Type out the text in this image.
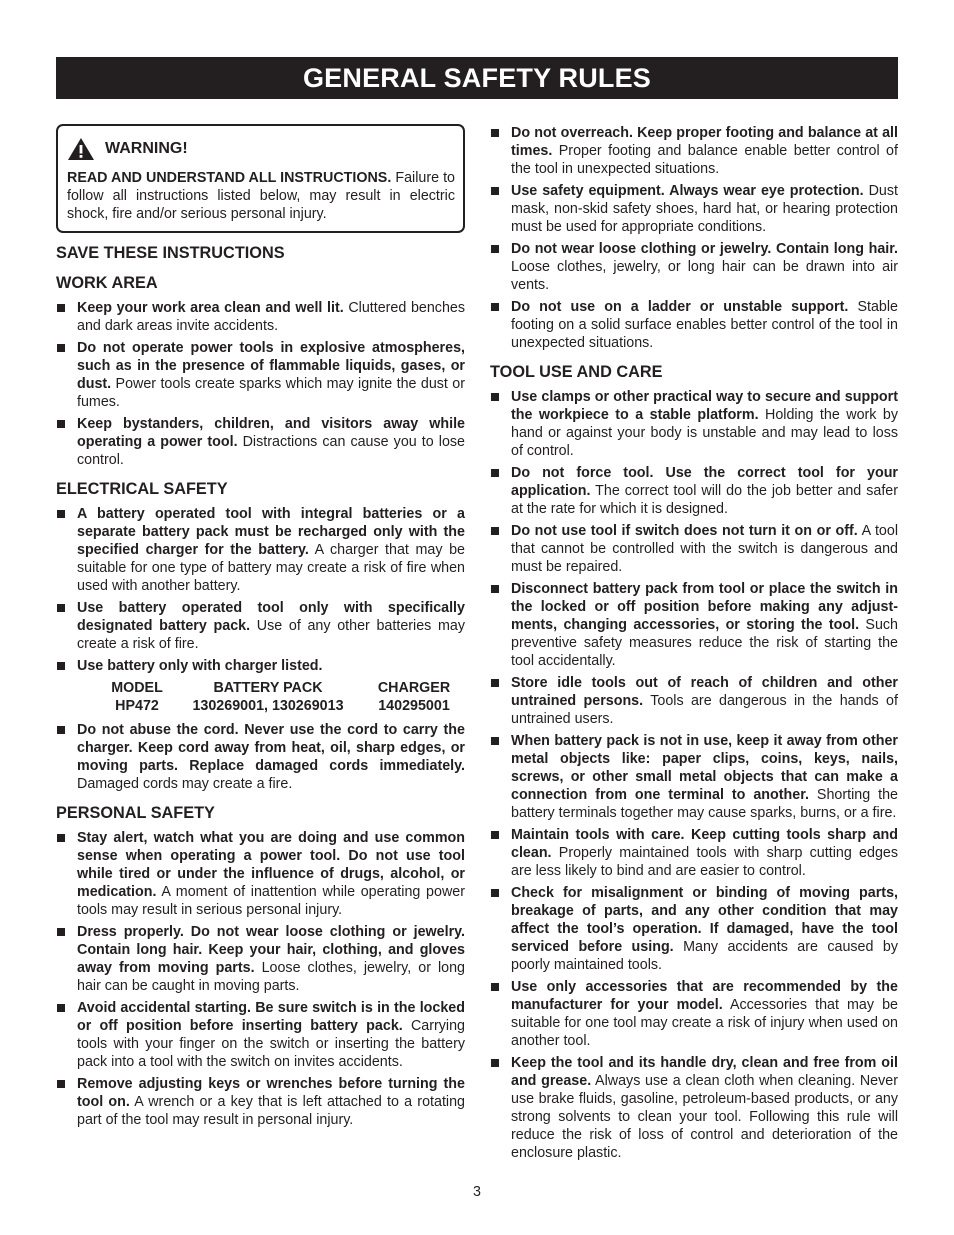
GENERAL SAFETY RULES
WARNING!
READ AND UNDERSTAND ALL INSTRUCTIONS. Failure to follow all instructions listed below, may result in electric shock, fire and/or serious personal injury.
SAVE THESE INSTRUCTIONS
WORK AREA
Keep your work area clean and well lit. Cluttered benches and dark areas invite accidents.
Do not operate power tools in explosive atmospheres, such as in the presence of flammable liquids, gases, or dust. Power tools create sparks which may ignite the dust or fumes.
Keep bystanders, children, and visitors away while operating a power tool. Distractions can cause you to lose control.
ELECTRICAL SAFETY
A battery operated tool with integral batteries or a separate battery pack must be recharged only with the specified charger for the battery. A charger that may be suitable for one type of battery may create a risk of fire when used with another battery.
Use battery operated tool only with specifically designated battery pack. Use of any other batteries may create a risk of fire.
Use battery only with charger listed.
MODEL	BATTERY PACK	CHARGER
HP472	130269001, 130269013	140295001
Do not abuse the cord. Never use the cord to carry the charger. Keep cord away from heat, oil, sharp edges, or moving parts. Replace damaged cords immediately. Damaged cords may create a fire.
PERSONAL SAFETY
Stay alert, watch what you are doing and use common sense when operating a power tool. Do not use tool while tired or under the influence of drugs, alcohol, or medication. A moment of inattention while operating power tools may result in serious personal injury.
Dress properly. Do not wear loose clothing or jewelry. Contain long hair. Keep your hair, clothing, and gloves away from moving parts. Loose clothes, jewelry, or long hair can be caught in moving parts.
Avoid accidental starting. Be sure switch is in the locked or off position before inserting battery pack. Carrying tools with your finger on the switch or inserting the battery pack into a tool with the switch on invites accidents.
Remove adjusting keys or wrenches before turning the tool on. A wrench or a key that is left attached to a rotating part of the tool may result in personal injury.
Do not overreach. Keep proper footing and balance at all times. Proper footing and balance enable better control of the tool in unexpected situations.
Use safety equipment. Always wear eye protection. Dust mask, non-skid safety shoes, hard hat, or hearing protection must be used for appropriate conditions.
Do not wear loose clothing or jewelry. Contain long hair. Loose clothes, jewelry, or long hair can be drawn into air vents.
Do not use on a ladder or unstable support. Stable footing on a solid surface enables better control of the tool in unexpected situations.
TOOL USE AND CARE
Use clamps or other practical way to secure and support the workpiece to a stable platform. Holding the work by hand or against your body is unstable and may lead to loss of control.
Do not force tool. Use the correct tool for your application. The correct tool will do the job better and safer at the rate for which it is designed.
Do not use tool if switch does not turn it on or off. A tool that cannot be controlled with the switch is dangerous and must be repaired.
Disconnect battery pack from tool or place the switch in the locked or off position before making any adjustments, changing accessories, or storing the tool. Such preventive safety measures reduce the risk of starting the tool accidentally.
Store idle tools out of reach of children and other untrained persons. Tools are dangerous in the hands of untrained users.
When battery pack is not in use, keep it away from other metal objects like: paper clips, coins, keys, nails, screws, or other small metal objects that can make a connection from one terminal to another. Shorting the battery terminals together may cause sparks, burns, or a fire.
Maintain tools with care. Keep cutting tools sharp and clean. Properly maintained tools with sharp cutting edges are less likely to bind and are easier to control.
Check for misalignment or binding of moving parts, breakage of parts, and any other condition that may affect the tool’s operation. If damaged, have the tool serviced before using. Many accidents are caused by poorly maintained tools.
Use only accessories that are recommended by the manufacturer for your model. Accessories that may be suitable for one tool may create a risk of injury when used on another tool.
Keep the tool and its handle dry, clean and free from oil and grease. Always use a clean cloth when cleaning. Never use brake fluids, gasoline, petroleum-based products, or any strong solvents to clean your tool. Following this rule will reduce the risk of loss of control and deterioration of the enclosure plastic.
3
